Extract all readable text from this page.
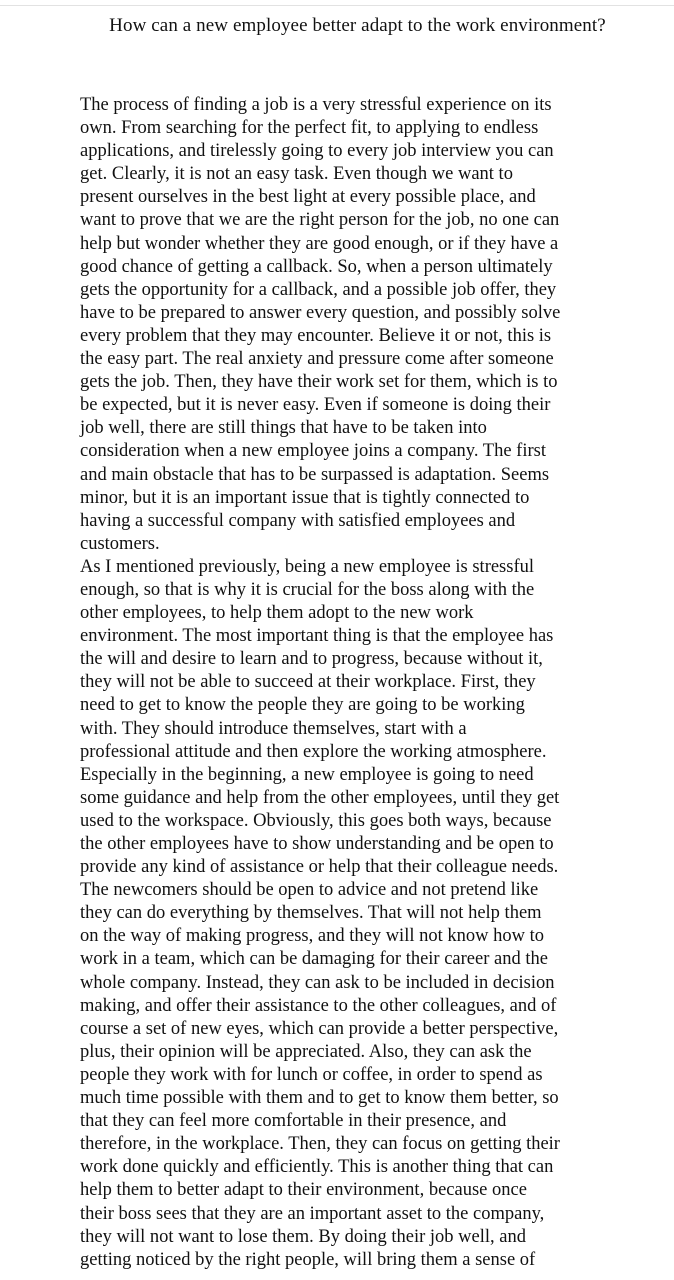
How can a new employee better adapt to the work environment?
The process of finding a job is a very stressful experience on its
own. From searching for the perfect fit, to applying to endless
applications, and tirelessly going to every job interview you can
get. Clearly, it is not an easy task. Even though we want to
present ourselves in the best light at every possible place, and
want to prove that we are the right person for the job, no one can
help but wonder whether they are good enough, or if they have a
good chance of getting a callback. So, when a person ultimately
gets the opportunity for a callback, and a possible job offer, they
have to be prepared to answer every question, and possibly solve
every problem that they may encounter. Believe it or not, this is
the easy part. The real anxiety and pressure come after someone
gets the job. Then, they have their work set for them, which is to
be expected, but it is never easy. Even if someone is doing their
job well, there are still things that have to be taken into
consideration when a new employee joins a company. The first
and main obstacle that has to be surpassed is adaptation. Seems
minor, but it is an important issue that is tightly connected to
having a successful company with satisfied employees and
customers.
As I mentioned previously, being a new employee is stressful
enough, so that is why it is crucial for the boss along with the
other employees, to help them adopt to the new work
environment. The most important thing is that the employee has
the will and desire to learn and to progress, because without it,
they will not be able to succeed at their workplace. First, they
need to get to know the people they are going to be working
with. They should introduce themselves, start with a
professional attitude and then explore the working atmosphere.
Especially in the beginning, a new employee is going to need
some guidance and help from the other employees, until they get
used to the workspace. Obviously, this goes both ways, because
the other employees have to show understanding and be open to
provide any kind of assistance or help that their colleague needs.
The newcomers should be open to advice and not pretend like
they can do everything by themselves. That will not help them
on the way of making progress, and they will not know how to
work in a team, which can be damaging for their career and the
whole company. Instead, they can ask to be included in decision
making, and offer their assistance to the other colleagues, and of
course a set of new eyes, which can provide a better perspective,
plus, their opinion will be appreciated. Also, they can ask the
people they work with for lunch or coffee, in order to spend as
much time possible with them and to get to know them better, so
that they can feel more comfortable in their presence, and
therefore, in the workplace. Then, they can focus on getting their
work done quickly and efficiently. This is another thing that can
help them to better adapt to their environment, because once
their boss sees that they are an important asset to the company,
they will not want to lose them. By doing their job well, and
getting noticed by the right people, will bring them a sense of
